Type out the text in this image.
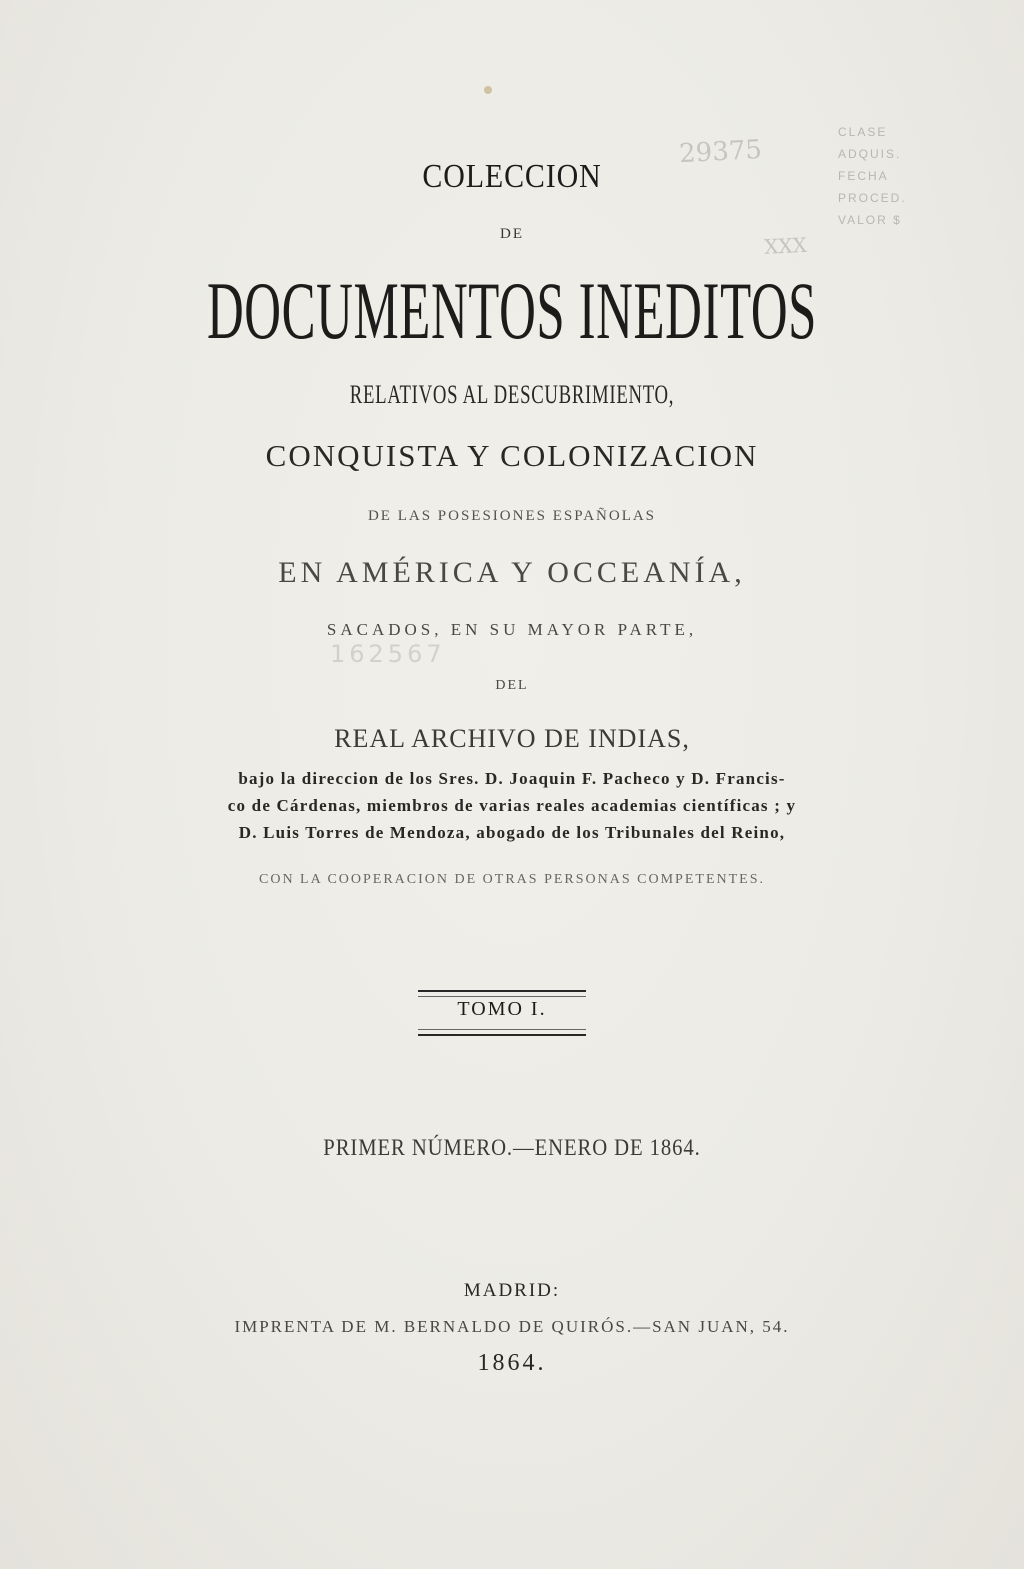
CLASE
ADQUIS.
FECHA
PROCED.
VALOR $
29375
XXX
COLECCION
DE
DOCUMENTOS INEDITOS
RELATIVOS AL DESCUBRIMIENTO,
CONQUISTA Y COLONIZACION
DE LAS POSESIONES ESPAÑOLAS
EN AMÉRICA Y OCCEANÍA,
SACADOS, EN SU MAYOR PARTE,
162567
DEL
REAL ARCHIVO DE INDIAS,
bajo la direccion de los Sres. D. Joaquin F. Pacheco y D. Francis-
co de Cárdenas, miembros de varias reales academias científicas ; y
D. Luis Torres de Mendoza, abogado de los Tribunales del Reino,
CON LA COOPERACION DE OTRAS PERSONAS COMPETENTES.
TOMO I.
PRIMER NÚMERO.—ENERO DE 1864.
MADRID:
IMPRENTA DE M. BERNALDO DE QUIRÓS.—SAN JUAN, 54.
1864.
